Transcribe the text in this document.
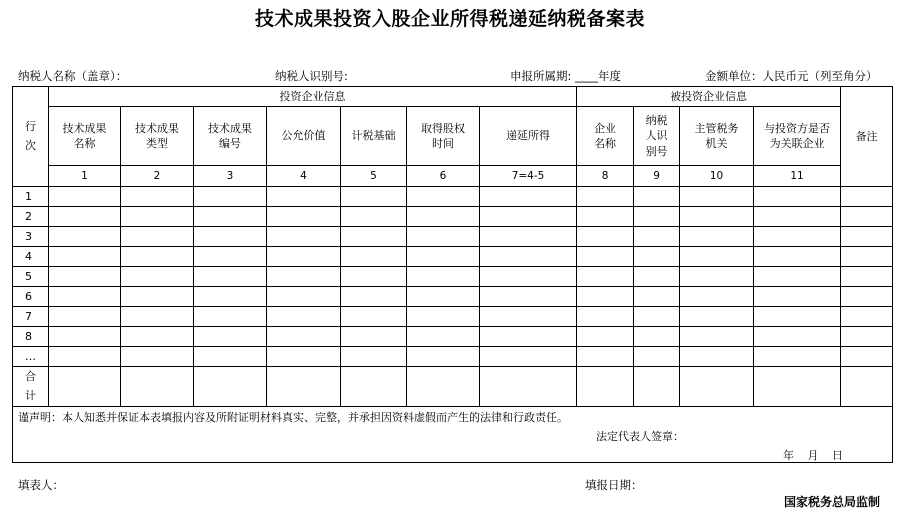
技术成果投资入股企业所得税递延纳税备案表
纳税人名称（盖章）：	纳税人识别号:	申报所属期: ____年度	金额单位：人民币元（列至角分）
行次	投资企业信息							被投资企业信息				备注
	技术成果名称	技术成果类型	技术成果编号	公允价值	计税基础	取得股权时间	递延所得	企业名称	纳税人识别号	主管税务机关	与投资方是否为关联企业	
	1	2	3	4	5	6	7=4-5	8	9	10	11	
1												
2												
3												
4												
5												
6												
7												
8												
…												
合计												

谨声明：本人知悉并保证本表填报内容及所附证明材料真实、完整，并承担因资料虚假而产生的法律和行政责任。
法定代表人签章：
年 月 日												
填表人：	填报日期：
国家税务总局监制
